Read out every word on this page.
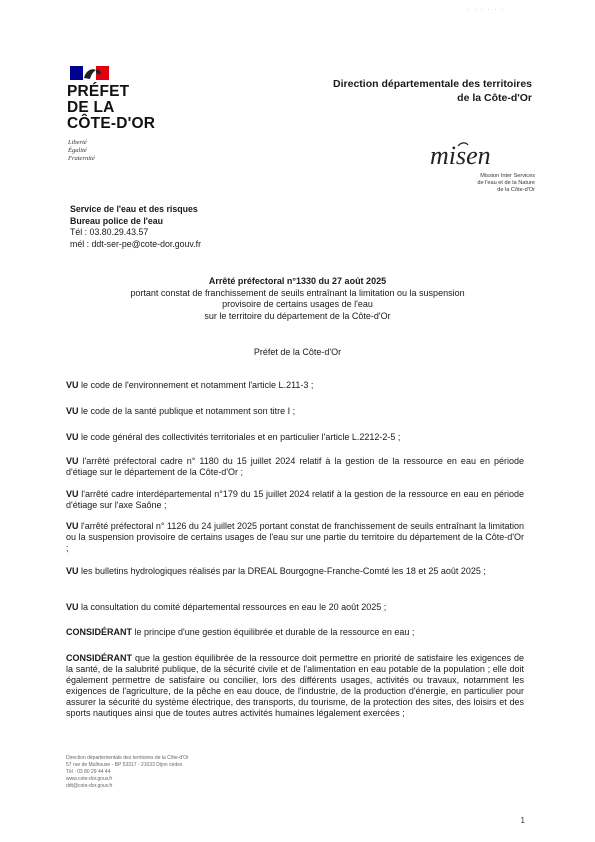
. . . . . .
PRÉFET
DE LA
CÔTE-D'OR
Liberté
Égalité
Fraternité
Direction départementale des territoires
de la Côte-d'Or
misen
Mission Inter Services
de l'eau et de la Nature
de la Côte-d'Or
Service de l'eau et des risques
Bureau police de l'eau
Tél : 03.80.29.43.57
mél : ddt-ser-pe@cote-dor.gouv.fr
Arrêté préfectoral n°1330 du 27 août 2025
portant constat de franchissement de seuils entraînant la limitation ou la suspension
provisoire de certains usages de l'eau
sur le territoire du département de la Côte-d'Or
Préfet de la Côte-d'Or
VU le code de l'environnement et notamment l'article L.211-3 ;
VU le code de la santé publique et notamment son titre I ;
VU le code général des collectivités territoriales et en particulier l'article L.2212-2-5 ;
VU l'arrêté préfectoral cadre n° 1180 du 15 juillet 2024 relatif à la gestion de la ressource en eau en période d'étiage sur le département de la Côte-d'Or ;
VU l'arrêté cadre interdépartemental n°179 du 15 juillet 2024 relatif à la gestion de la ressource en eau en période d'étiage sur l'axe Saône ;
VU l'arrêté préfectoral n° 1126 du 24 juillet 2025 portant constat de franchissement de seuils entraînant la limitation ou la suspension provisoire de certains usages de l'eau sur une partie du territoire du département de la Côte-d'Or ;
VU les bulletins hydrologiques réalisés par la DREAL Bourgogne-Franche-Comté les 18 et 25 août 2025 ;
VU la consultation du comité départemental ressources en eau le 20 août 2025 ;
CONSIDÉRANT le principe d'une gestion équilibrée et durable de la ressource en eau ;
CONSIDÉRANT que la gestion équilibrée de la ressource doit permettre en priorité de satisfaire les exigences de la santé, de la salubrité publique, de la sécurité civile et de l'alimentation en eau potable de la population ; elle doit également permettre de satisfaire ou concilier, lors des différents usages, activités ou travaux, notamment les exigences de l'agriculture, de la pêche en eau douce, de l'industrie, de la production d'énergie, en particulier pour assurer la sécurité du système électrique, des transports, du tourisme, de la protection des sites, des loisirs et des sports nautiques ainsi que de toutes autres activités humaines légalement exercées ;
Direction départementale des territoires de la Côte-d'Or
57 rue de Mulhouse - BP 53317 - 21033 Dijon cedex
Tél : 03 80 29 44 44
www.cote-dor.gouv.fr
ddt@cote-dor.gouv.fr
1
